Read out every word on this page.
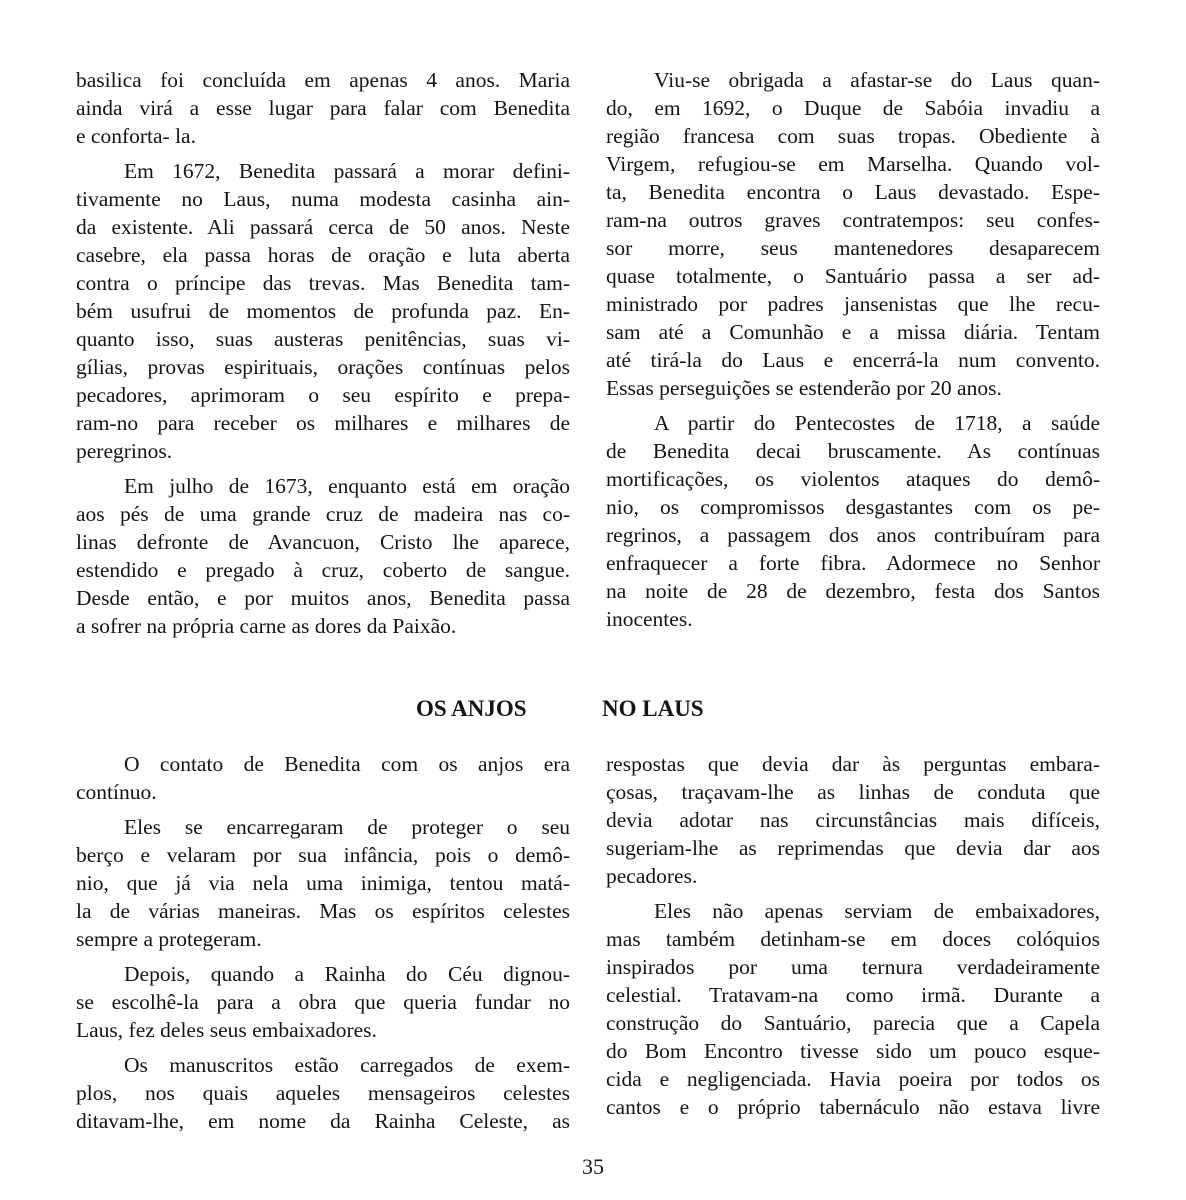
basilica foi concluída em apenas 4 anos. Maria
ainda virá a esse lugar para falar com Benedita
e conforta- la.
Em 1672, Benedita passará a morar defini-
tivamente no Laus, numa modesta casinha ain-
da existente. Ali passará cerca de 50 anos. Neste
casebre, ela passa horas de oração e luta aberta
contra o príncipe das trevas. Mas Benedita tam-
bém usufrui de momentos de profunda paz. En-
quanto isso, suas austeras penitências, suas vi-
gílias, provas espirituais, orações contínuas pelos
pecadores, aprimoram o seu espírito e prepa-
ram-no para receber os milhares e milhares de
peregrinos.
Em julho de 1673, enquanto está em oração
aos pés de uma grande cruz de madeira nas co-
linas defronte de Avancuon, Cristo lhe aparece,
estendido e pregado à cruz, coberto de sangue.
Desde então, e por muitos anos, Benedita passa
a sofrer na própria carne as dores da Paixão.
Viu-se obrigada a afastar-se do Laus quan-
do, em 1692, o Duque de Sabóia invadiu a
região francesa com suas tropas. Obediente à
Virgem, refugiou-se em Marselha. Quando vol-
ta, Benedita encontra o Laus devastado. Espe-
ram-na outros graves contratempos: seu confes-
sor morre, seus mantenedores desaparecem
quase totalmente, o Santuário passa a ser ad-
ministrado por padres jansenistas que lhe recu-
sam até a Comunhão e a missa diária. Tentam
até tirá-la do Laus e encerrá-la num convento.
Essas perseguições se estenderão por 20 anos.
A partir do Pentecostes de 1718, a saúde
de Benedita decai bruscamente. As contínuas
mortificações, os violentos ataques do demô-
nio, os compromissos desgastantes com os pe-
regrinos, a passagem dos anos contribuíram para
enfraquecer a forte fibra. Adormece no Senhor
na noite de 28 de dezembro, festa dos Santos
inocentes.
OS ANJOS	NO LAUS
O contato de Benedita com os anjos era
contínuo.
Eles se encarregaram de proteger o seu
berço e velaram por sua infância, pois o demô-
nio, que já via nela uma inimiga, tentou matá-
la de várias maneiras. Mas os espíritos celestes
sempre a protegeram.
Depois, quando a Rainha do Céu dignou-
se escolhê-la para a obra que queria fundar no
Laus, fez deles seus embaixadores.
Os manuscritos estão carregados de exem-
plos, nos quais aqueles mensageiros celestes
ditavam-lhe, em nome da Rainha Celeste, as
respostas que devia dar às perguntas embara-
çosas, traçavam-lhe as linhas de conduta que
devia adotar nas circunstâncias mais difíceis,
sugeriam-lhe as reprimendas que devia dar aos
pecadores.
Eles não apenas serviam de embaixadores,
mas também detinham-se em doces colóquios
inspirados por uma ternura verdadeiramente
celestial. Tratavam-na como irmã. Durante a
construção do Santuário, parecia que a Capela
do Bom Encontro tivesse sido um pouco esque-
cida e negligenciada. Havia poeira por todos os
cantos e o próprio tabernáculo não estava livre
35
